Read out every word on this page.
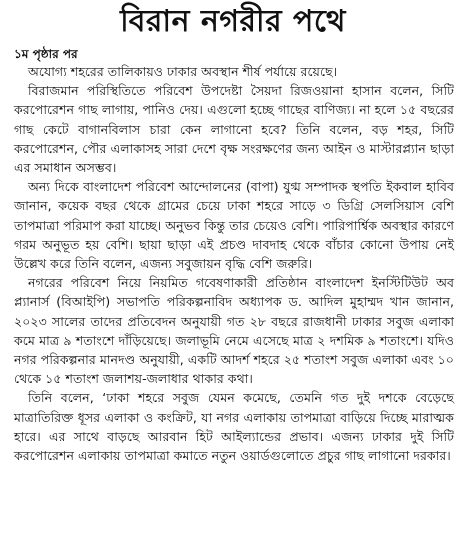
বিরান নগরীর পথে
১ম পৃষ্ঠার পর

অযোগ্য শহরের তালিকায়ও ঢাকার অবস্থান শীর্ষ পর্যায়ে রয়েছে।

বিরাজমান পরিস্থিতিতে পরিবেশ উপদেষ্টা সৈয়দা রিজওয়ানা হাসান বলেন, সিটি করপোরেশন গাছ লাগায়, পানিও দেয়। এগুলো হচ্ছে গাছের বাণিজ্য। না হলে ১৫ বছরের গাছ কেটে বাগানবিলাস চারা কেন লাগানো হবে? তিনি বলেন, বড় শহর, সিটি করপোরেশন, পৌর এলাকাসহ সারা দেশে বৃক্ষ সংরক্ষণের জন্য আইন ও মাস্টারপ্ল্যান ছাড়া এর সমাধান অসম্ভব।

অন্য দিকে বাংলাদেশ পরিবেশ আন্দোলনের (বাপা) যুগ্ম সম্পাদক স্থপতি ইকবাল হাবিব জানান, কয়েক বছর থেকে গ্রামের চেয়ে ঢাকা শহরে সাড়ে ৩ ডিগ্রি সেলসিয়াস বেশি তাপমাত্রা পরিমাপ করা যাচ্ছে। অনুভব কিন্তু তার চেয়েও বেশি। পারিপার্শ্বিক অবস্থার কারণে গরম অনুভূত হয় বেশি। ছায়া ছাড়া এই প্রচণ্ড দাবদাহ থেকে বাঁচার কোনো উপায় নেই উল্লেখ করে তিনি বলেন, এজন্য সবুজায়ন বৃদ্ধি বেশি জরুরি।

নগরের পরিবেশ নিয়ে নিয়মিত গবেষণাকারী প্রতিষ্ঠান বাংলাদেশ ইনস্টিটিউট অব প্ল্যানার্স (বিআইপি) সভাপতি পরিকল্পনাবিদ অধ্যাপক ড. আদিল মুহাম্মদ খান জানান, ২০২৩ সালের তাদের প্রতিবেদন অনুযায়ী গত ২৮ বছরে রাজধানী ঢাকার সবুজ এলাকা কমে মাত্র ৯ শতাংশে দাঁড়িয়েছে। জলাভূমি নেমে এসেছে মাত্র ২ দশমিক ৯ শতাংশে। যদিও নগর পরিকল্পনার মানদণ্ড অনুযায়ী, একটি আদর্শ শহরে ২৫ শতাংশ সবুজ এলাকা এবং ১০ থেকে ১৫ শতাংশ জলাশয়-জলাধার থাকার কথা।

তিনি বলেন, ‘ঢাকা শহরে সবুজ যেমন কমেছে, তেমনি গত দুই দশকে বেড়েছে মাত্রাতিরিক্ত ধূসর এলাকা ও কংক্রিট, যা নগর এলাকায় তাপমাত্রা বাড়িয়ে দিচ্ছে মারাত্মক হারে। এর সাথে বাড়ছে আরবান হিট আইল্যান্ডের প্রভাব। এজন্য ঢাকার দুই সিটি করপোরেশন এলাকায় তাপমাত্রা কমাতে নতুন ওয়ার্ডগুলোতে প্রচুর গাছ লাগানো দরকার।
